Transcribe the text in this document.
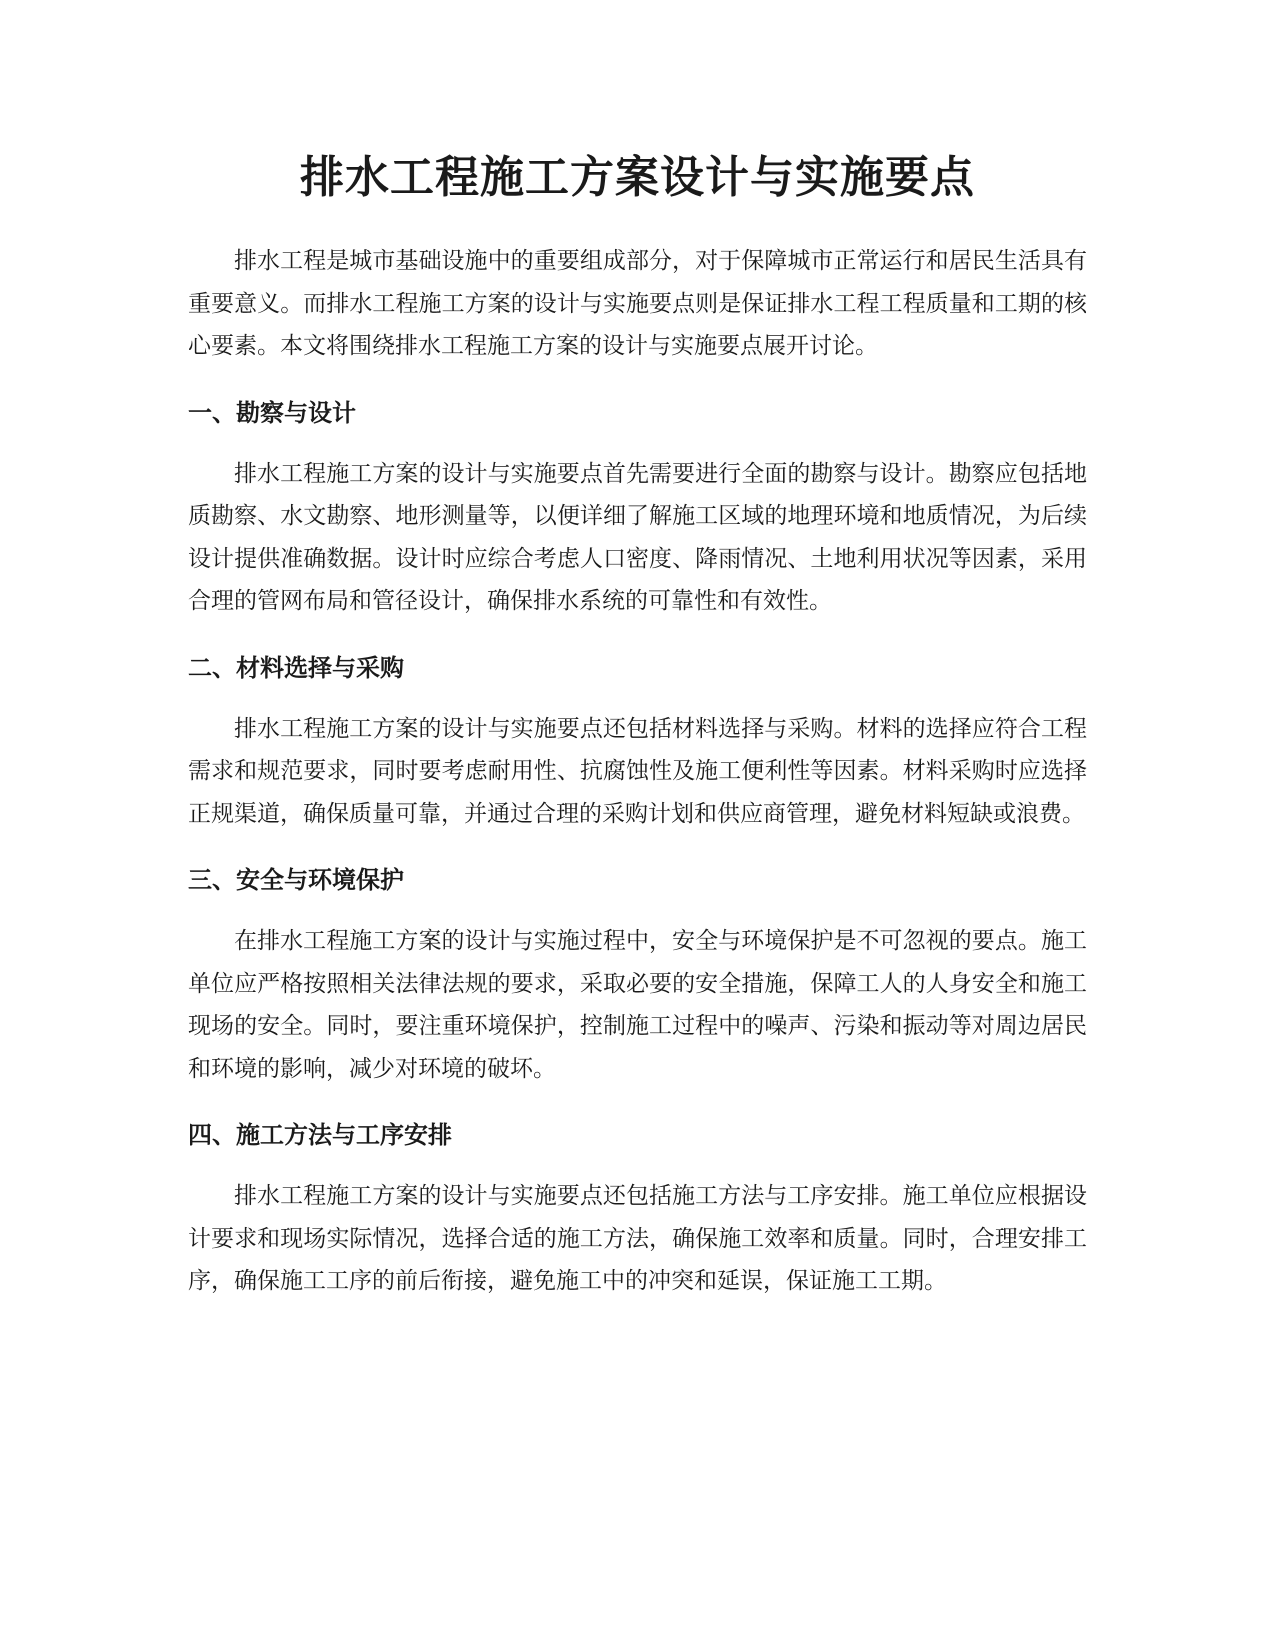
排水工程施工方案设计与实施要点

排水工程是城市基础设施中的重要组成部分，对于保障城市正常运行和居民生活具有重要意义。而排水工程施工方案的设计与实施要点则是保证排水工程工程质量和工期的核心要素。本文将围绕排水工程施工方案的设计与实施要点展开讨论。

一、勘察与设计

排水工程施工方案的设计与实施要点首先需要进行全面的勘察与设计。勘察应包括地质勘察、水文勘察、地形测量等，以便详细了解施工区域的地理环境和地质情况，为后续设计提供准确数据。设计时应综合考虑人口密度、降雨情况、土地利用状况等因素，采用合理的管网布局和管径设计，确保排水系统的可靠性和有效性。

二、材料选择与采购

排水工程施工方案的设计与实施要点还包括材料选择与采购。材料的选择应符合工程需求和规范要求，同时要考虑耐用性、抗腐蚀性及施工便利性等因素。材料采购时应选择正规渠道，确保质量可靠，并通过合理的采购计划和供应商管理，避免材料短缺或浪费。

三、安全与环境保护

在排水工程施工方案的设计与实施过程中，安全与环境保护是不可忽视的要点。施工单位应严格按照相关法律法规的要求，采取必要的安全措施，保障工人的人身安全和施工现场的安全。同时，要注重环境保护，控制施工过程中的噪声、污染和振动等对周边居民和环境的影响，减少对环境的破坏。

四、施工方法与工序安排

排水工程施工方案的设计与实施要点还包括施工方法与工序安排。施工单位应根据设计要求和现场实际情况，选择合适的施工方法，确保施工效率和质量。同时，合理安排工序，确保施工工序的前后衔接，避免施工中的冲突和延误，保证施工工期。
